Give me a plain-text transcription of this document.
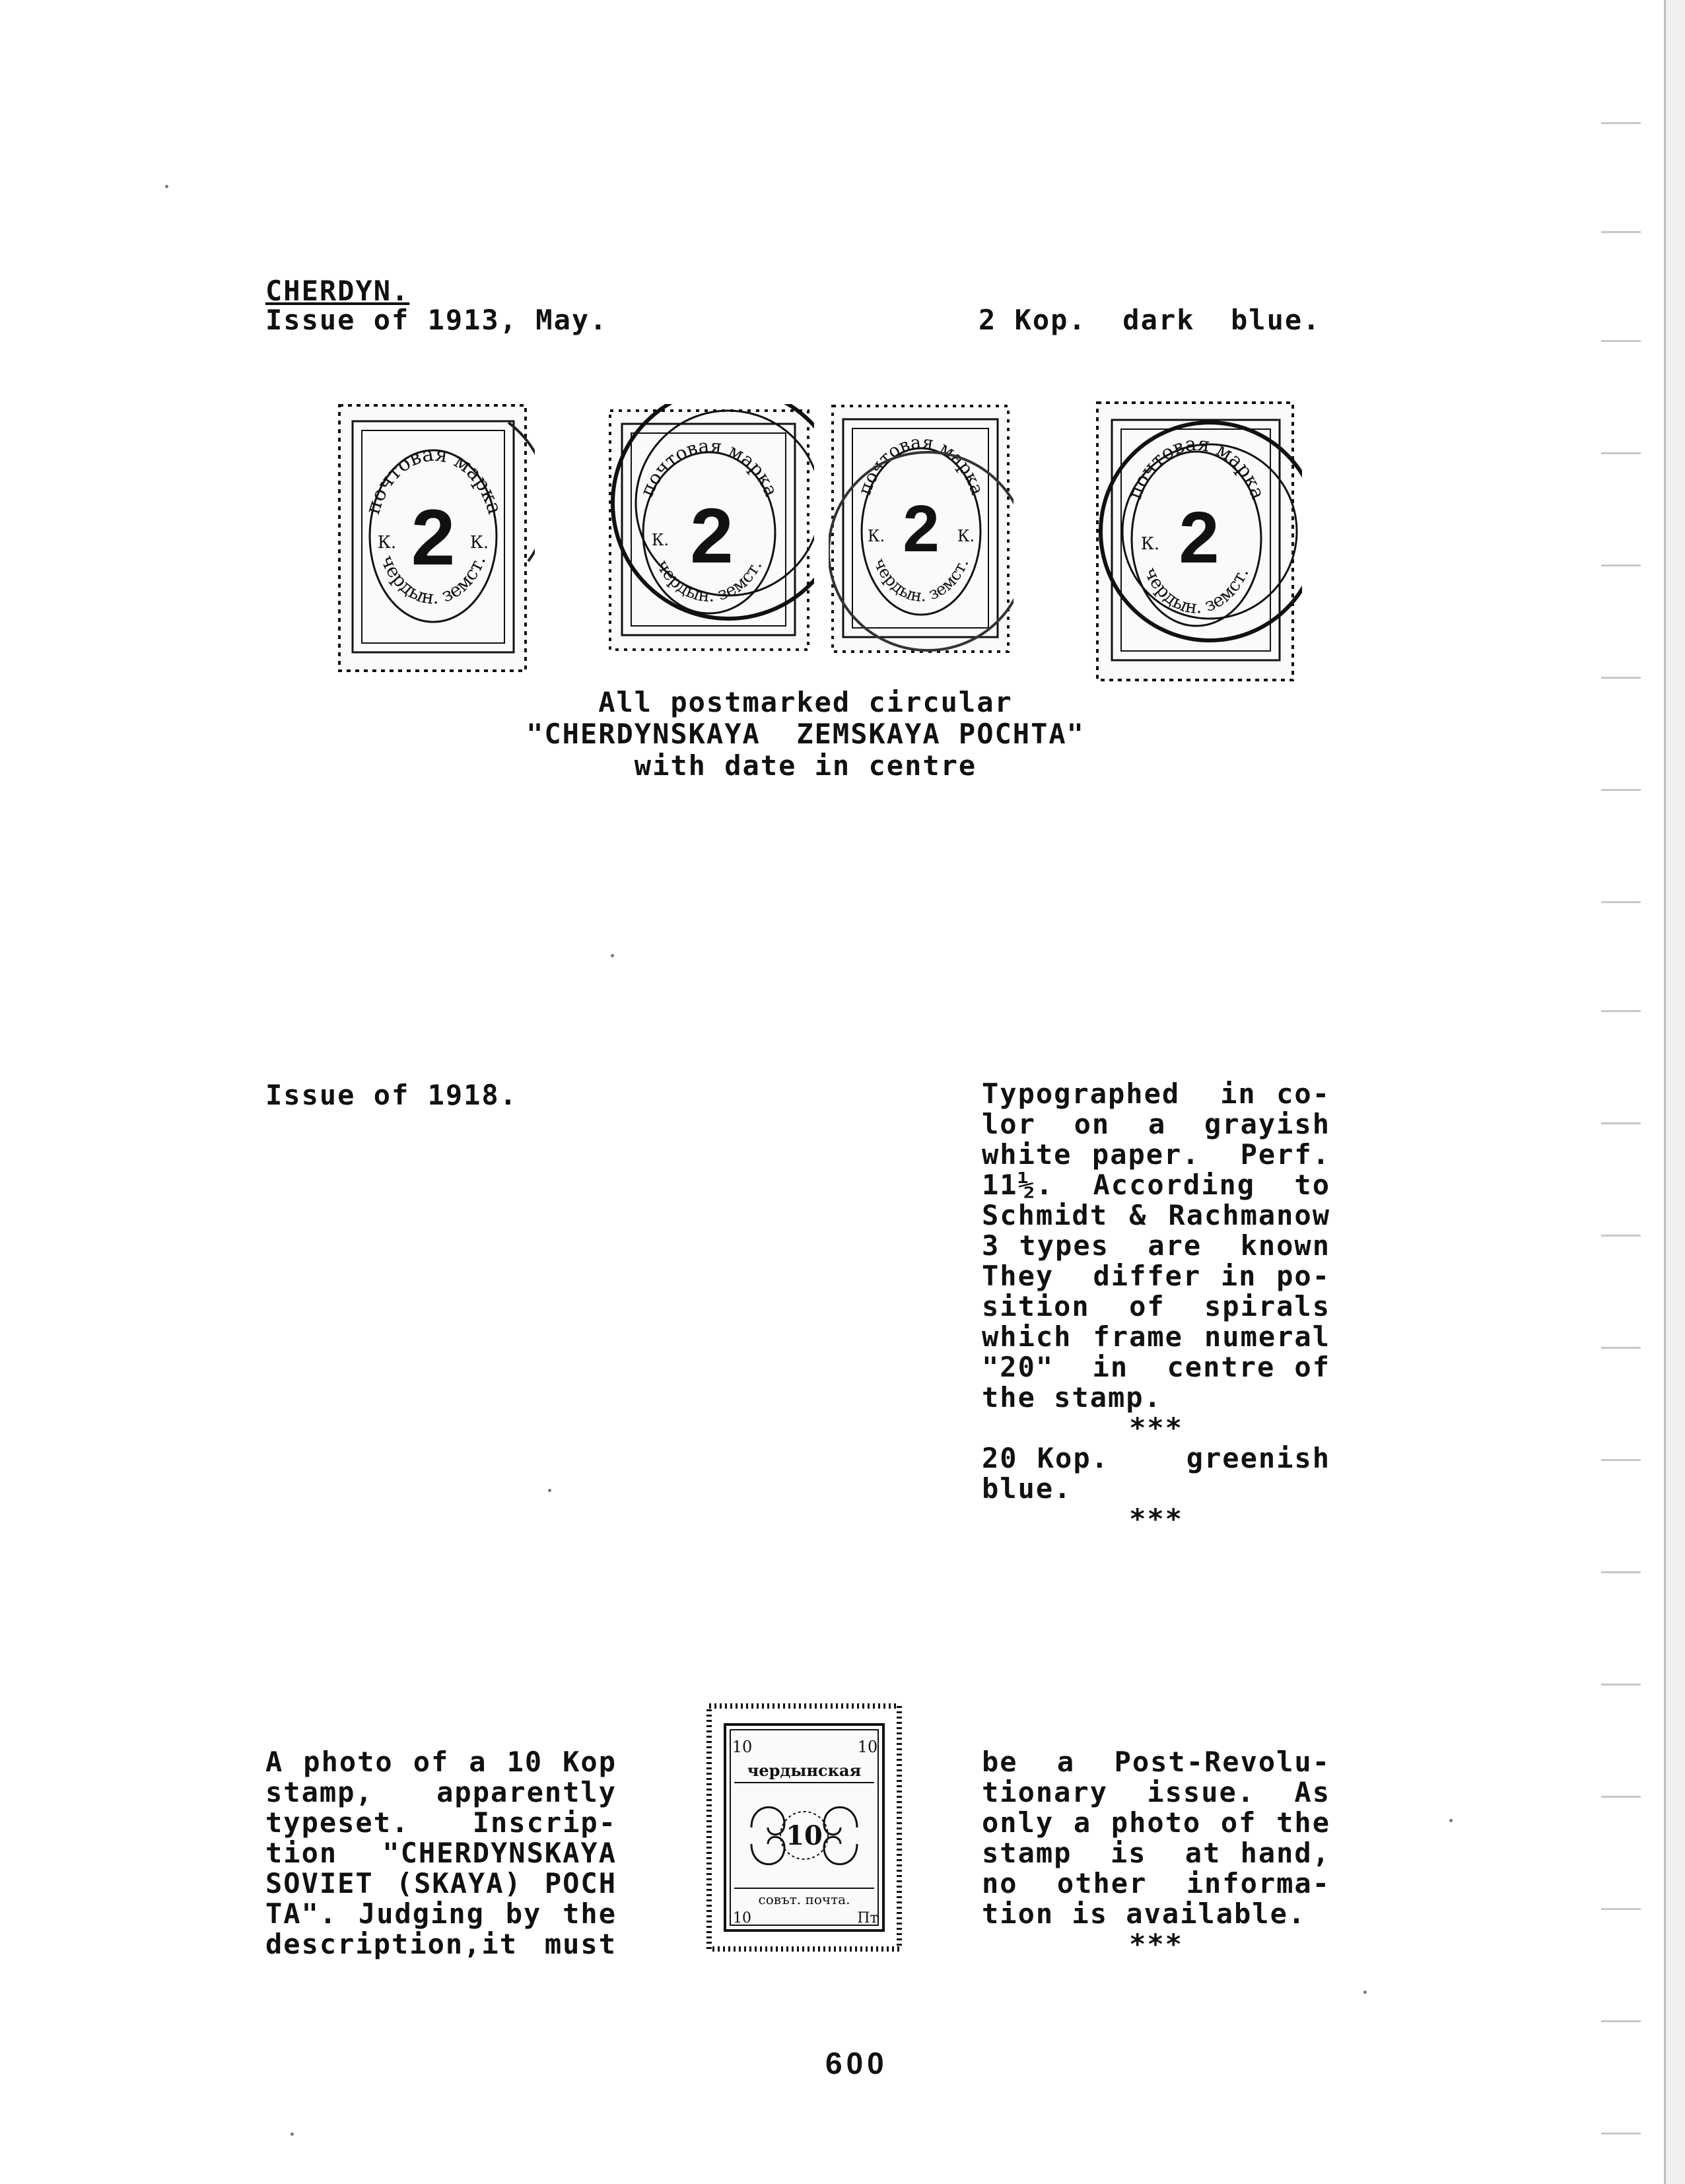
CHERDYN.
Issue of 1913, May.	2 Kop.  dark  blue.
почтовая марка
чердын. земст.
2
К.	К.
почтовая марка
чердын. земст.
2
К.
почтовая марка
чердын. земст.
2
К.	К.
почтовая марка
чердын. земст.
2
К.
All postmarked circular
"CHERDYNSKAYA  ZEMSKAYA POCHTA"
with date in centre
Issue of 1918.	Typographed  in co-
lor  on  a  grayish
white paper.  Perf.
11½.  According  to
Schmidt & Rachmanow
3 types  are  known
They  differ in po-
sition  of  spirals
which frame numeral
"20"  in  centre of
the stamp.
***
20 Kop.    greenish
blue.
***
A photo of a 10 Kop
stamp,   apparently
typeset.   Inscrip-
tion  "CHERDYNSKAYA
SOVIET (SKAYA) POCH
TA". Judging by the
description,it must
10	10
чердынская
10
совът. почта.
10	Пт
be  a  Post-Revolu-
tionary  issue.  As
only a photo of the
stamp  is  at hand,
no  other  informa-
tion is available.
***
600
